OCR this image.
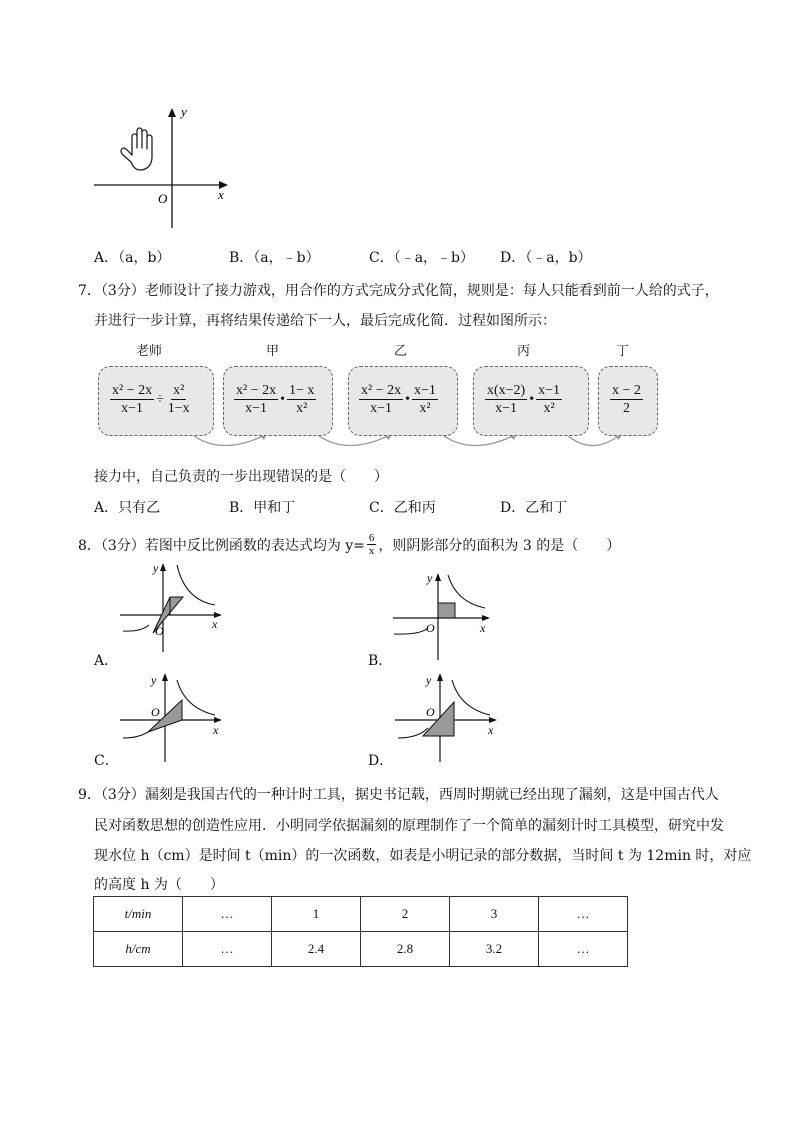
y
x
O
A．（a，b）	B．（a，﹣b）	C．（﹣a，﹣b） D．（﹣a，b）
7．（3分）老师设计了接力游戏，用合作的方式完成分式化简，规则是：每人只能看到前一人给的式子，
并进行一步计算，再将结果传递给下一人，最后完成化简．过程如图所示：
老师	甲	乙	丙	丁
$\frac{\text{x² − 2x}}{x-1} \div \frac{\text{x²}}{1-x}$	x² − 2x
x−1
•
1− x
x²
x² − 2x
x−1
•
x−1
x²
x(x−2)
x−1
•
x−1
x²
x − 2
2
接力中，自己负责的一步出现错误的是（　　）
A．只有乙	B．甲和丁	C．乙和丙	D．乙和丁
8．（3分）若图中反比例函数的表达式均为 $y= \frac{6}{x}$ ，则阴影部分的面积为 3 的是（　　）
y
x
O
A．
y
x
O
B．
y
x
O
C．
y
x
O
D．
9．（3分）漏刻是我国古代的一种计时工具，据史书记载，西周时期就已经出现了漏刻，这是中国古代人
民对函数思想的创造性应用．小明同学依据漏刻的原理制作了一个简单的漏刻计时工具模型，研究中发
现水位 h（cm）是时间 t（min）的一次函数，如表是小明记录的部分数据，当时间 t 为 12min 时，对应
的高度 h 为（　　）
t/min	…	1	2	3	…
h/cm	…	2.4	2.8	3.2	…
